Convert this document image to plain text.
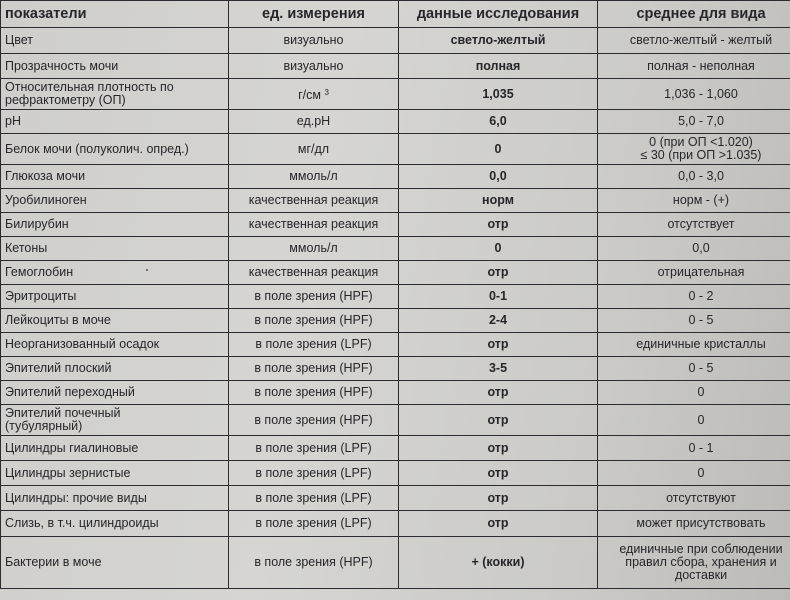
показатели	ед. измерения	данные исследования	среднее для вида
Цвет	визуально	светло-желтый	светло-желтый - желтый
Прозрачность мочи	визуально	полная	полная - неполная
Относительная плотность по
рефрактометру (ОП)	г/см $^3$	1,035	1,036 - 1,060
pH	ед.pH	6,0	5,0 - 7,0
Белок мочи (полуколич. опред.)	мг/дл	0	0 (при ОП <1.020)
≤ 30 (при ОП >1.035)
Глюкоза мочи	ммоль/л	0,0	0,0 - 3,0
Уробилиноген	качественная реакция	норм	норм - (+)
Билирубин	качественная реакция	отр	отсутствует
Кетоны	ммоль/л	0	0,0
Гемоглобин	качественная реакция	отр	отрицательная
Эритроциты	в поле зрения (HPF)	0-1	0 - 2
Лейкоциты в моче	в поле зрения (HPF)	2-4	0 - 5
Неорганизованный осадок	в поле зрения (LPF)	отр	единичные кристаллы
Эпителий плоский	в поле зрения (HPF)	3-5	0 - 5
Эпителий переходный	в поле зрения (HPF)	отр	0
Эпителий почечный
(тубулярный)	в поле зрения (HPF)	отр	0
Цилиндры гиалиновые	в поле зрения (LPF)	отр	0 - 1
Цилиндры зернистые	в поле зрения (LPF)	отр	0
Цилиндры: прочие виды	в поле зрения (LPF)	отр	отсутствуют
Слизь, в т.ч. цилиндроиды	в поле зрения (LPF)	отр	может присутствовать
Бактерии в моче	в поле зрения (HPF)	+ (кокки)	единичные при соблюдении
правил сбора, хранения и
доставки
